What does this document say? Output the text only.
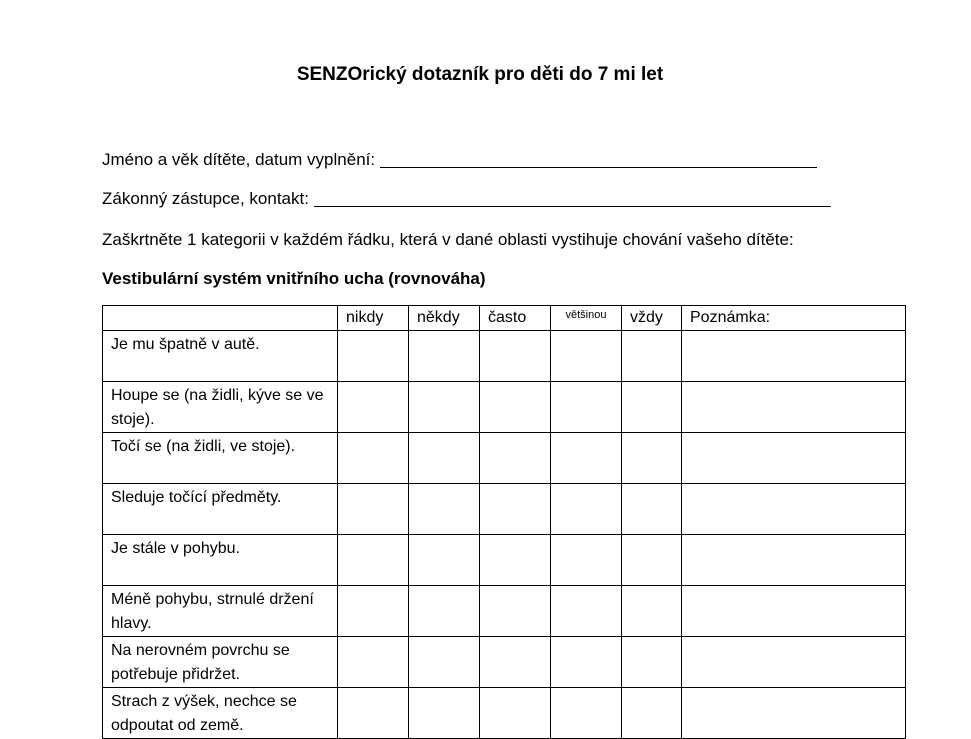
SENZOrický dotazník pro děti do 7 mi let
Jméno a věk dítěte, datum vyplnění:
Zákonný zástupce, kontakt:
Zaškrtněte 1 kategorii v každém řádku, která v dané oblasti vystihuje chování vašeho dítěte:
Vestibulární systém vnitřního ucha (rovnováha)
	nikdy	někdy	často	většinou	vždy	Poznámka:
Je mu špatně v autě.						
Houpe se (na židli, kýve se ve stoje).						
Točí se (na židli, ve stoje).						
Sleduje točící předměty.						
Je stále v pohybu.						
Méně pohybu, strnulé držení hlavy.						
Na nerovném povrchu se potřebuje přidržet.						
Strach z výšek, nechce se odpoutat od země.						
